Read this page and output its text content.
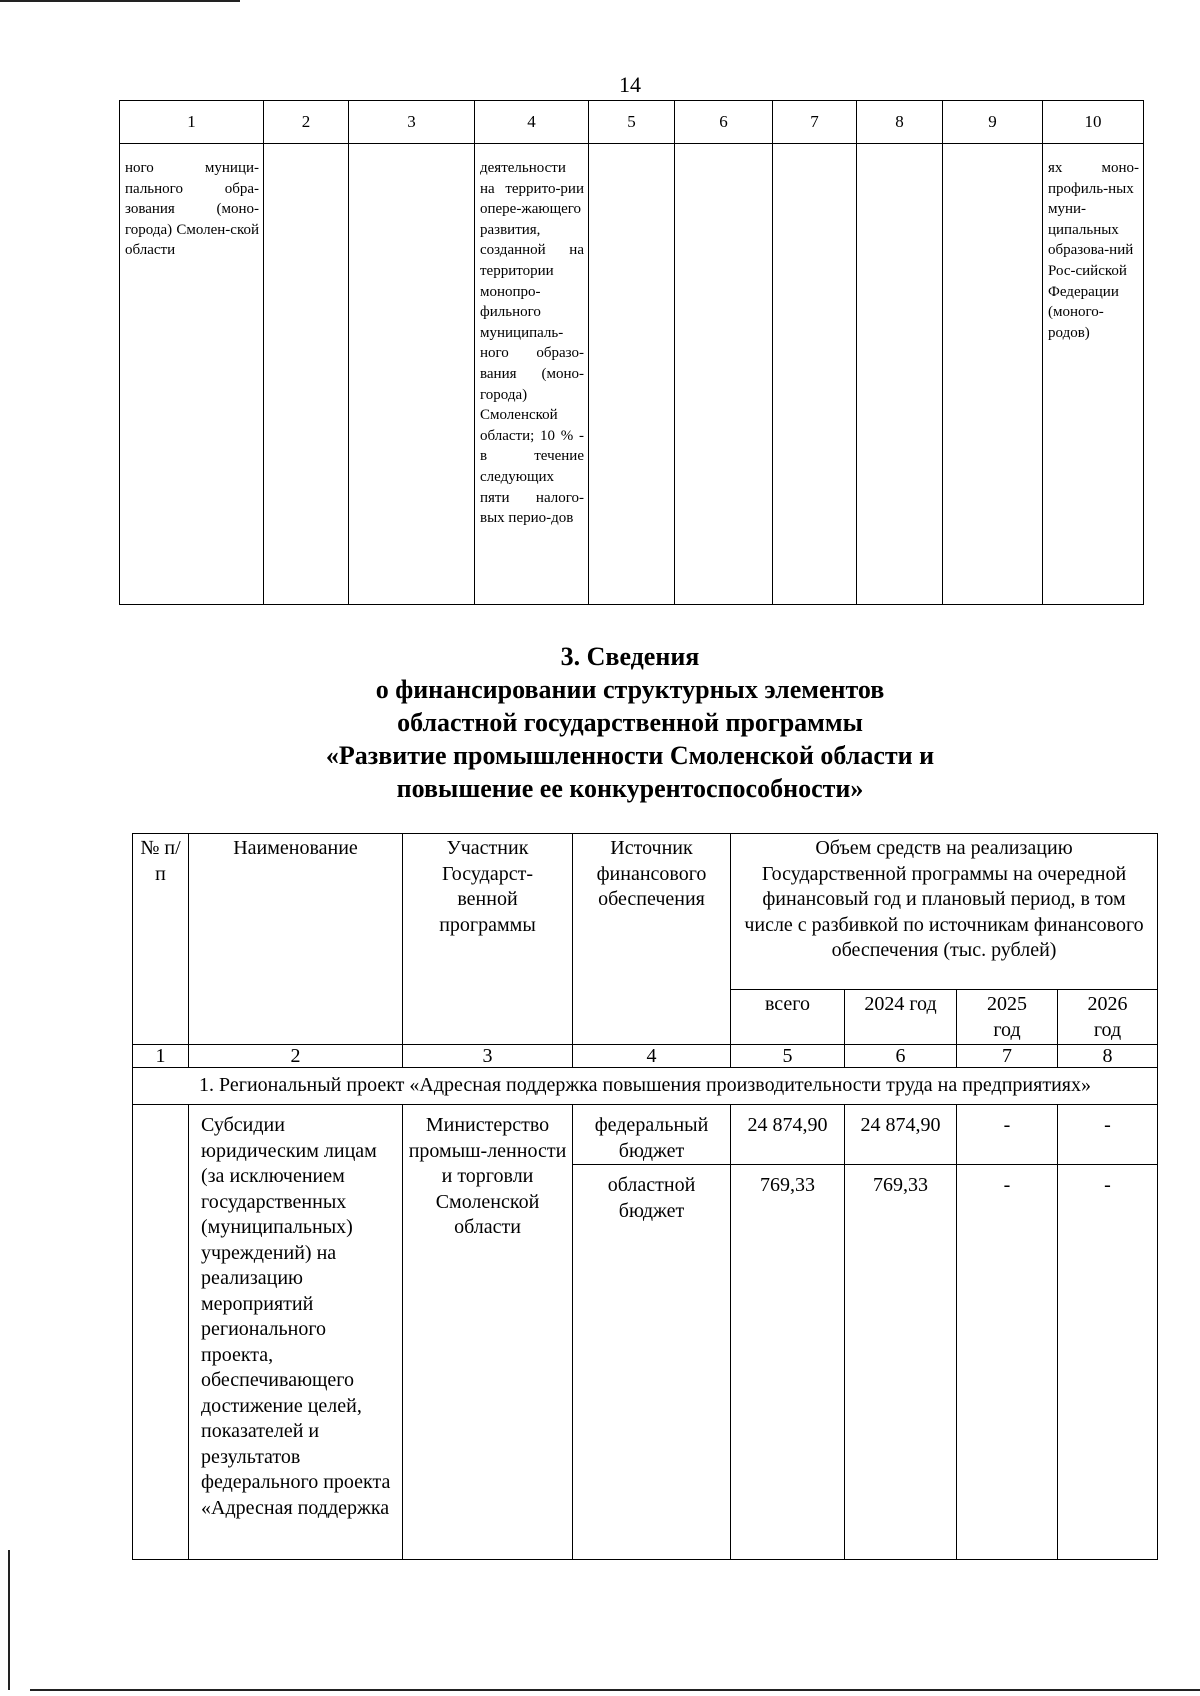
14
1	2	3	4	5	6	7	8	9	10

ного муници-пального обра-зования (моно-города) Смолен-ской области			деятельности на террито-рии опере-жающего развития, созданной на территории монопро-фильного муниципаль-ного образо-вания (моно-города) Смоленской области; 10 % - в течение следующих пяти налого-вых перио-дов						ях моно-профиль-ных муни-ципальных образова-ний Рос-сийской Федерации (моного-родов)
3. Сведения
о финансировании структурных элементов
областной государственной программы
«Развитие промышленности Смоленской области и
повышение ее конкурентоспособности»
№ п/п	Наименование	Участник Государст-венной программы	Источник финансового обеспечения	Объем средств на реализацию Государственной программы на очередной финансовый год и плановый период, в том числе с разбивкой по источникам финансового обеспечения (тыс. рублей)			
				всего	2024 год	2025 год	2026 год
1	2	3	4	5	6	7	8
1. Региональный проект «Адресная поддержка повышения производительности труда на предприятиях»							
	Субсидии юридическим лицам (за исключением государственных (муниципальных) учреждений) на реализацию мероприятий регионального проекта, обеспечивающего достижение целей, показателей и результатов федерального проекта «Адресная поддержка	Министерство промыш-ленности и торговли Смоленской области	федеральный бюджет	24 874,90	24 874,90	-	-
			областной бюджет	769,33	769,33	-	-
